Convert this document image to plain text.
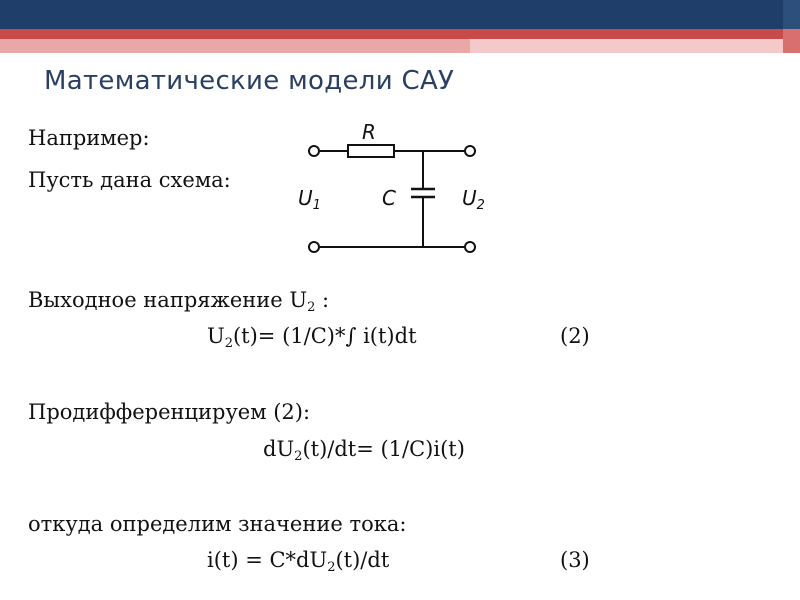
Математические модели САУ
Например:
Пусть дана схема:
R
C
$U_1$	$U_2$
Выходное напряжение $U_2$ :
$U_2(t)= (1/C)*\int$ i(t)dt	(2)
Продифференцируем (2):
$dU_2(t)/dt= (1/C)i(t)$
откуда определим значение тока:
$i(t) = C*dU_2(t)/dt$	(3)
